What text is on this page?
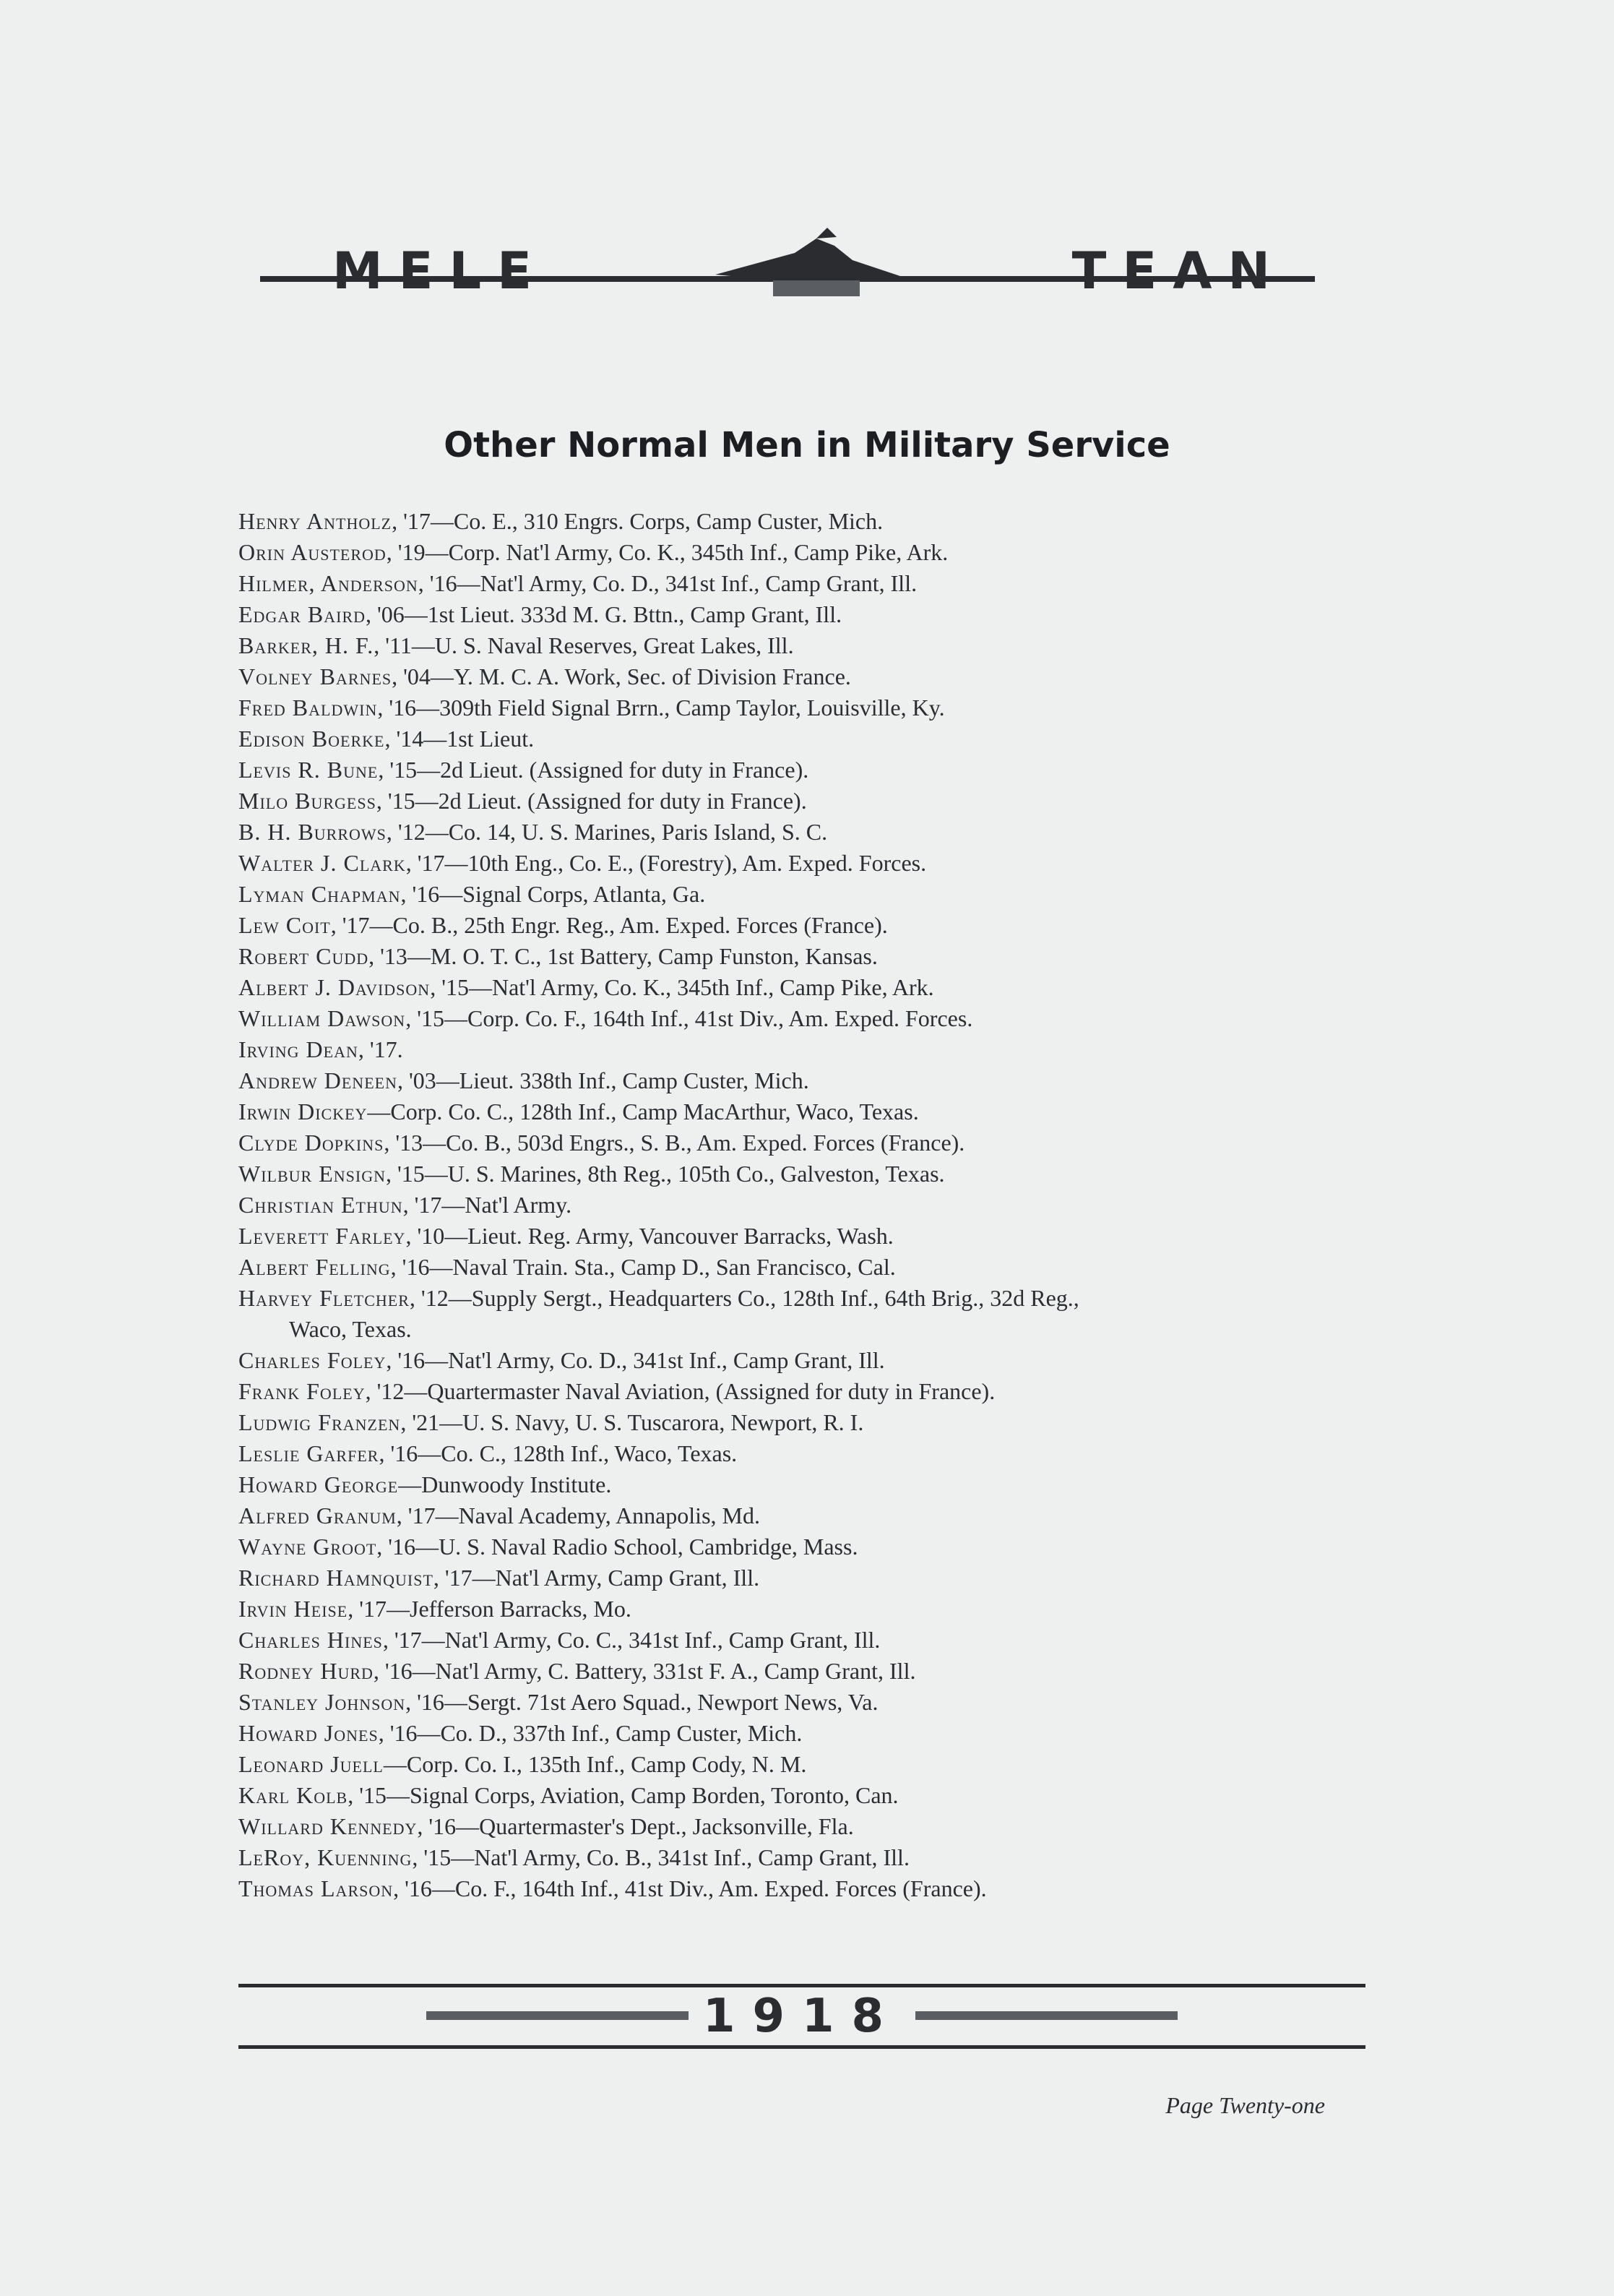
MELE	TEAN
Other Normal Men in Military Service
Henry Antholz, '17—Co. E., 310 Engrs. Corps, Camp Custer, Mich.
Orin Austerod, '19—Corp. Nat'l Army, Co. K., 345th Inf., Camp Pike, Ark.
Hilmer, Anderson, '16—Nat'l Army, Co. D., 341st Inf., Camp Grant, Ill.
Edgar Baird, '06—1st Lieut. 333d M. G. Bttn., Camp Grant, Ill.
Barker, H. F., '11—U. S. Naval Reserves, Great Lakes, Ill.
Volney Barnes, '04—Y. M. C. A. Work, Sec. of Division France.
Fred Baldwin, '16—309th Field Signal Brrn., Camp Taylor, Louisville, Ky.
Edison Boerke, '14—1st Lieut.
Levis R. Bune, '15—2d Lieut. (Assigned for duty in France).
Milo Burgess, '15—2d Lieut. (Assigned for duty in France).
B. H. Burrows, '12—Co. 14, U. S. Marines, Paris Island, S. C.
Walter J. Clark, '17—10th Eng., Co. E., (Forestry), Am. Exped. Forces.
Lyman Chapman, '16—Signal Corps, Atlanta, Ga.
Lew Coit, '17—Co. B., 25th Engr. Reg., Am. Exped. Forces (France).
Robert Cudd, '13—M. O. T. C., 1st Battery, Camp Funston, Kansas.
Albert J. Davidson, '15—Nat'l Army, Co. K., 345th Inf., Camp Pike, Ark.
William Dawson, '15—Corp. Co. F., 164th Inf., 41st Div., Am. Exped. Forces.
Irving Dean, '17.
Andrew Deneen, '03—Lieut. 338th Inf., Camp Custer, Mich.
Irwin Dickey—Corp. Co. C., 128th Inf., Camp MacArthur, Waco, Texas.
Clyde Dopkins, '13—Co. B., 503d Engrs., S. B., Am. Exped. Forces (France).
Wilbur Ensign, '15—U. S. Marines, 8th Reg., 105th Co., Galveston, Texas.
Christian Ethun, '17—Nat'l Army.
Leverett Farley, '10—Lieut. Reg. Army, Vancouver Barracks, Wash.
Albert Felling, '16—Naval Train. Sta., Camp D., San Francisco, Cal.
Harvey Fletcher, '12—Supply Sergt., Headquarters Co., 128th Inf., 64th Brig., 32d Reg.,
Waco, Texas.
Charles Foley, '16—Nat'l Army, Co. D., 341st Inf., Camp Grant, Ill.
Frank Foley, '12—Quartermaster Naval Aviation, (Assigned for duty in France).
Ludwig Franzen, '21—U. S. Navy, U. S. Tuscarora, Newport, R. I.
Leslie Garfer, '16—Co. C., 128th Inf., Waco, Texas.
Howard George—Dunwoody Institute.
Alfred Granum, '17—Naval Academy, Annapolis, Md.
Wayne Groot, '16—U. S. Naval Radio School, Cambridge, Mass.
Richard Hamnquist, '17—Nat'l Army, Camp Grant, Ill.
Irvin Heise, '17—Jefferson Barracks, Mo.
Charles Hines, '17—Nat'l Army, Co. C., 341st Inf., Camp Grant, Ill.
Rodney Hurd, '16—Nat'l Army, C. Battery, 331st F. A., Camp Grant, Ill.
Stanley Johnson, '16—Sergt. 71st Aero Squad., Newport News, Va.
Howard Jones, '16—Co. D., 337th Inf., Camp Custer, Mich.
Leonard Juell—Corp. Co. I., 135th Inf., Camp Cody, N. M.
Karl Kolb, '15—Signal Corps, Aviation, Camp Borden, Toronto, Can.
Willard Kennedy, '16—Quartermaster's Dept., Jacksonville, Fla.
LeRoy, Kuenning, '15—Nat'l Army, Co. B., 341st Inf., Camp Grant, Ill.
Thomas Larson, '16—Co. F., 164th Inf., 41st Div., Am. Exped. Forces (France).
1918
Page Twenty-one
